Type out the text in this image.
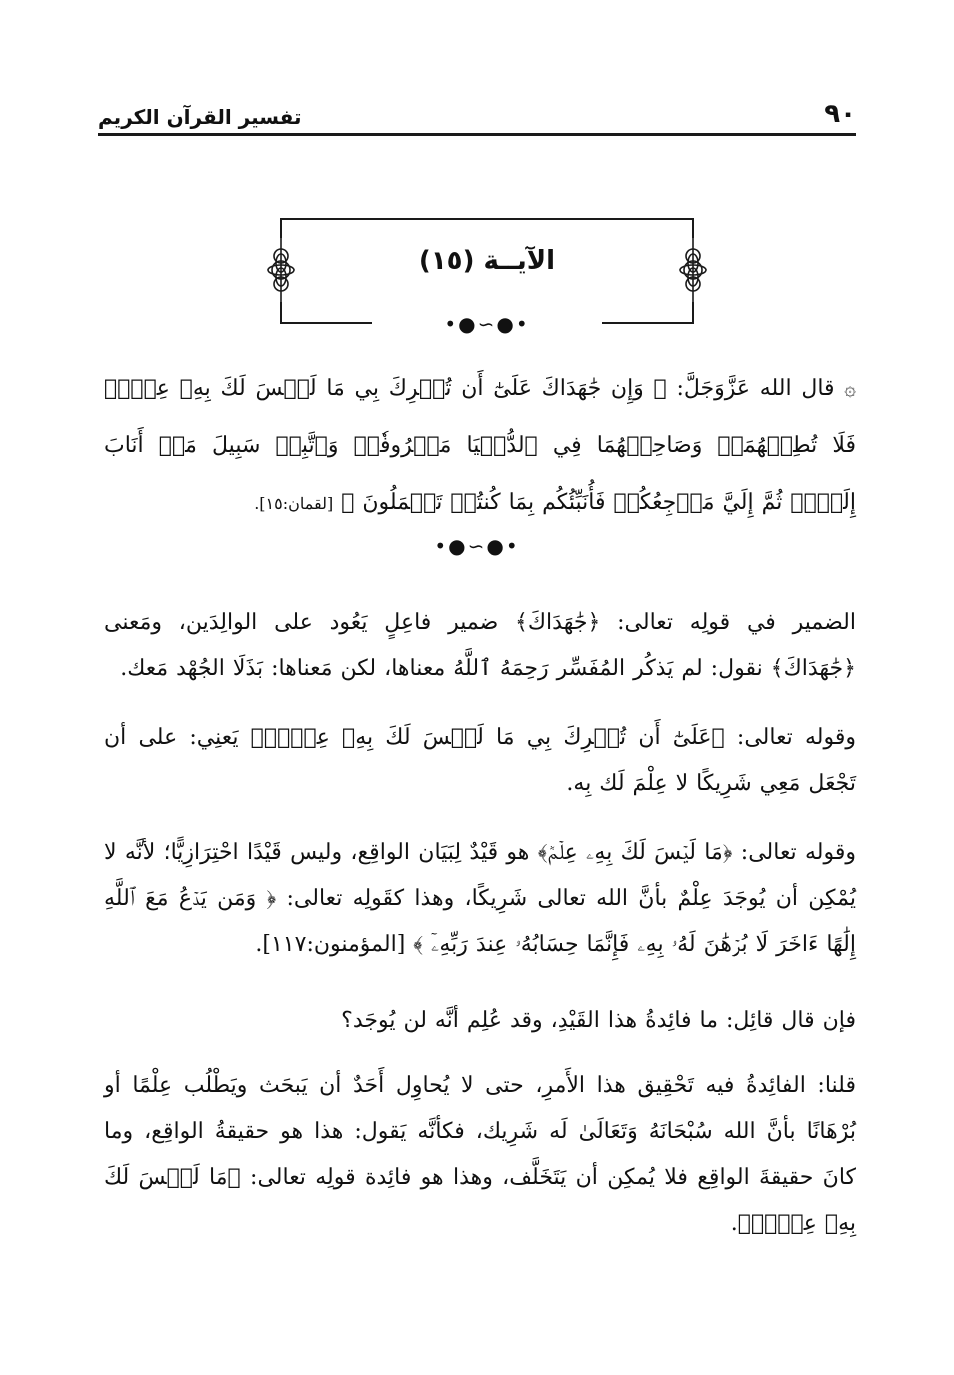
٩٠
تفسير القرآن الكريم
الآيــة (١٥)
•●∽●•

۞ قال الله عَزَّوَجَلَّ: ﴿ وَإِن جَٰهَدَاكَ عَلَىٰٓ أَن تُشۡرِكَ بِي مَا لَيۡسَ لَكَ بِهِۦ عِلۡمٞ فَلَا تُطِعۡهُمَاۖ وَصَاحِبۡهُمَا فِي ٱلدُّنۡيَا مَعۡرُوفٗاۖ وَٱتَّبِعۡ سَبِيلَ مَنۡ أَنَابَ إِلَيَّۚ ثُمَّ إِلَيَّ مَرۡجِعُكُمۡ فَأُنَبِّئُكُم بِمَا كُنتُمۡ تَعۡمَلُونَ ﴾ [لقمان:١٥].

•●∽●•

الضمير في قولِه تعالى: ﴿جَٰهَدَاكَ﴾ ضمير فاعِلٍ يَعُود على الوالِدَين، ومَعنى ﴿جَٰهَدَاكَ﴾ نقول: لم يَذكُر المُفَسِّر رَحِمَهُ ٱللَّهُ معناها، لكن مَعناها: بَذَلَا الجُهْد مَعك.

وقوله تعالى: ﴿عَلَىٰٓ أَن تُشۡرِكَ بِي مَا لَيۡسَ لَكَ بِهِۦ عِلۡمٞ﴾ يَعنِي: على أن تَجْعَل مَعِي شَرِيكًا لا عِلْمَ لَك بِه.

وقوله تعالى: ﴿مَا لَيۡسَ لَكَ بِهِۦ عِلۡمٞ﴾ هو قَيْدٌ لِبَيَان الواقِع، وليس قَيْدًا احْتِرَازِيًّا؛ لأنَّه لا يُمْكِن أن يُوجَدَ عِلْمٌ بأنَّ الله تعالى شَرِيكًا، وهذا كقَولِه تعالى: ﴿ وَمَن يَدۡعُ مَعَ ٱللَّهِ إِلَٰهًا ءَاخَرَ لَا بُرۡهَٰنَ لَهُۥ بِهِۦ فَإِنَّمَا حِسَابُهُۥ عِندَ رَبِّهِۦٓ ﴾ [المؤمنون:١١٧].

فإن قال قائِل: ما فائِدةُ هذا القَيْدِ، وقد عُلِم أنَّه لن يُوجَد؟

قلنا: الفائِدةُ فيه تَحْقِيق هذا الأَمرِ، حتى لا يُحاوِل أَحَدٌ أن يَبحَث ويَطْلُب عِلْمًا أو بُرْهَانًا بأنَّ الله سُبْحَانَهُ وَتَعَالَىٰ لَه شَرِيك، فكأنَّه يَقول: هذا هو حقيقةُ الواقِع، وما كانَ حقيقةَ الواقِع فلا يُمكِن أن يَتَخَلَّف، وهذا هو فائِدة قولِه تعالى: ﴿مَا لَيۡسَ لَكَ بِهِۦ عِلۡمٞ﴾.
